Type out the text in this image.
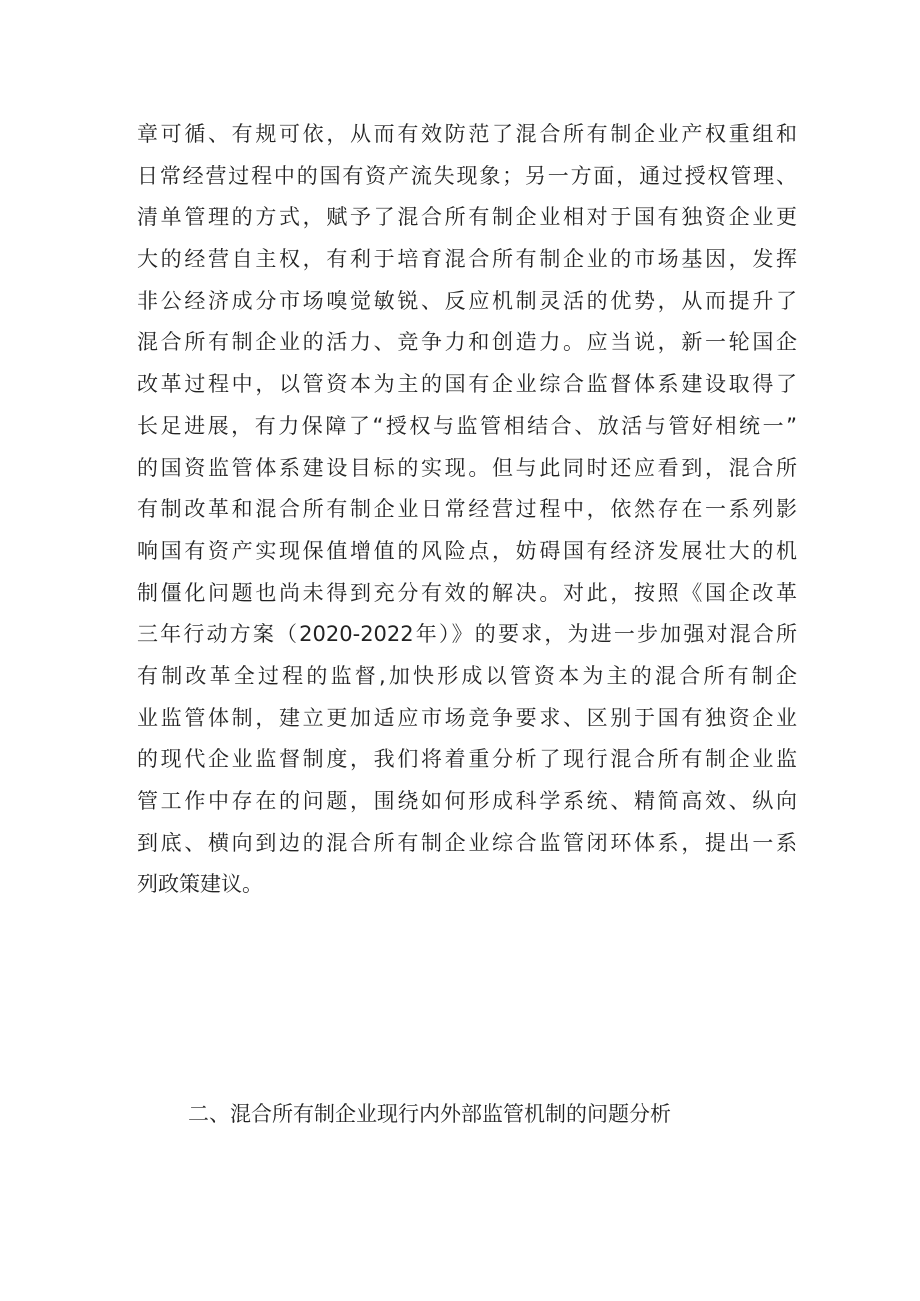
章可循、有规可依，从而有效防范了混合所有制企业产权重组和
日常经营过程中的国有资产流失现象；另一方面，通过授权管理、
清单管理的方式，赋予了混合所有制企业相对于国有独资企业更
大的经营自主权，有利于培育混合所有制企业的市场基因，发挥
非公经济成分市场嗅觉敏锐、反应机制灵活的优势，从而提升了
混合所有制企业的活力、竞争力和创造力。应当说，新一轮国企
改革过程中，以管资本为主的国有企业综合监督体系建设取得了
长足进展，有力保障了“授权与监管相结合、放活与管好相统一”
的国资监管体系建设目标的实现。但与此同时还应看到，混合所
有制改革和混合所有制企业日常经营过程中，依然存在一系列影
响国有资产实现保值增值的风险点，妨碍国有经济发展壮大的机
制僵化问题也尚未得到充分有效的解决。对此，按照《国企改革
三年行动方案（2020-2022年）》的要求，为进一步加强对混合所
有制改革全过程的监督,加快形成以管资本为主的混合所有制企
业监管体制，建立更加适应市场竞争要求、区别于国有独资企业
的现代企业监督制度，我们将着重分析了现行混合所有制企业监
管工作中存在的问题，围绕如何形成科学系统、精简高效、纵向
到底、横向到边的混合所有制企业综合监管闭环体系，提出一系
列政策建议。
二、混合所有制企业现行内外部监管机制的问题分析
